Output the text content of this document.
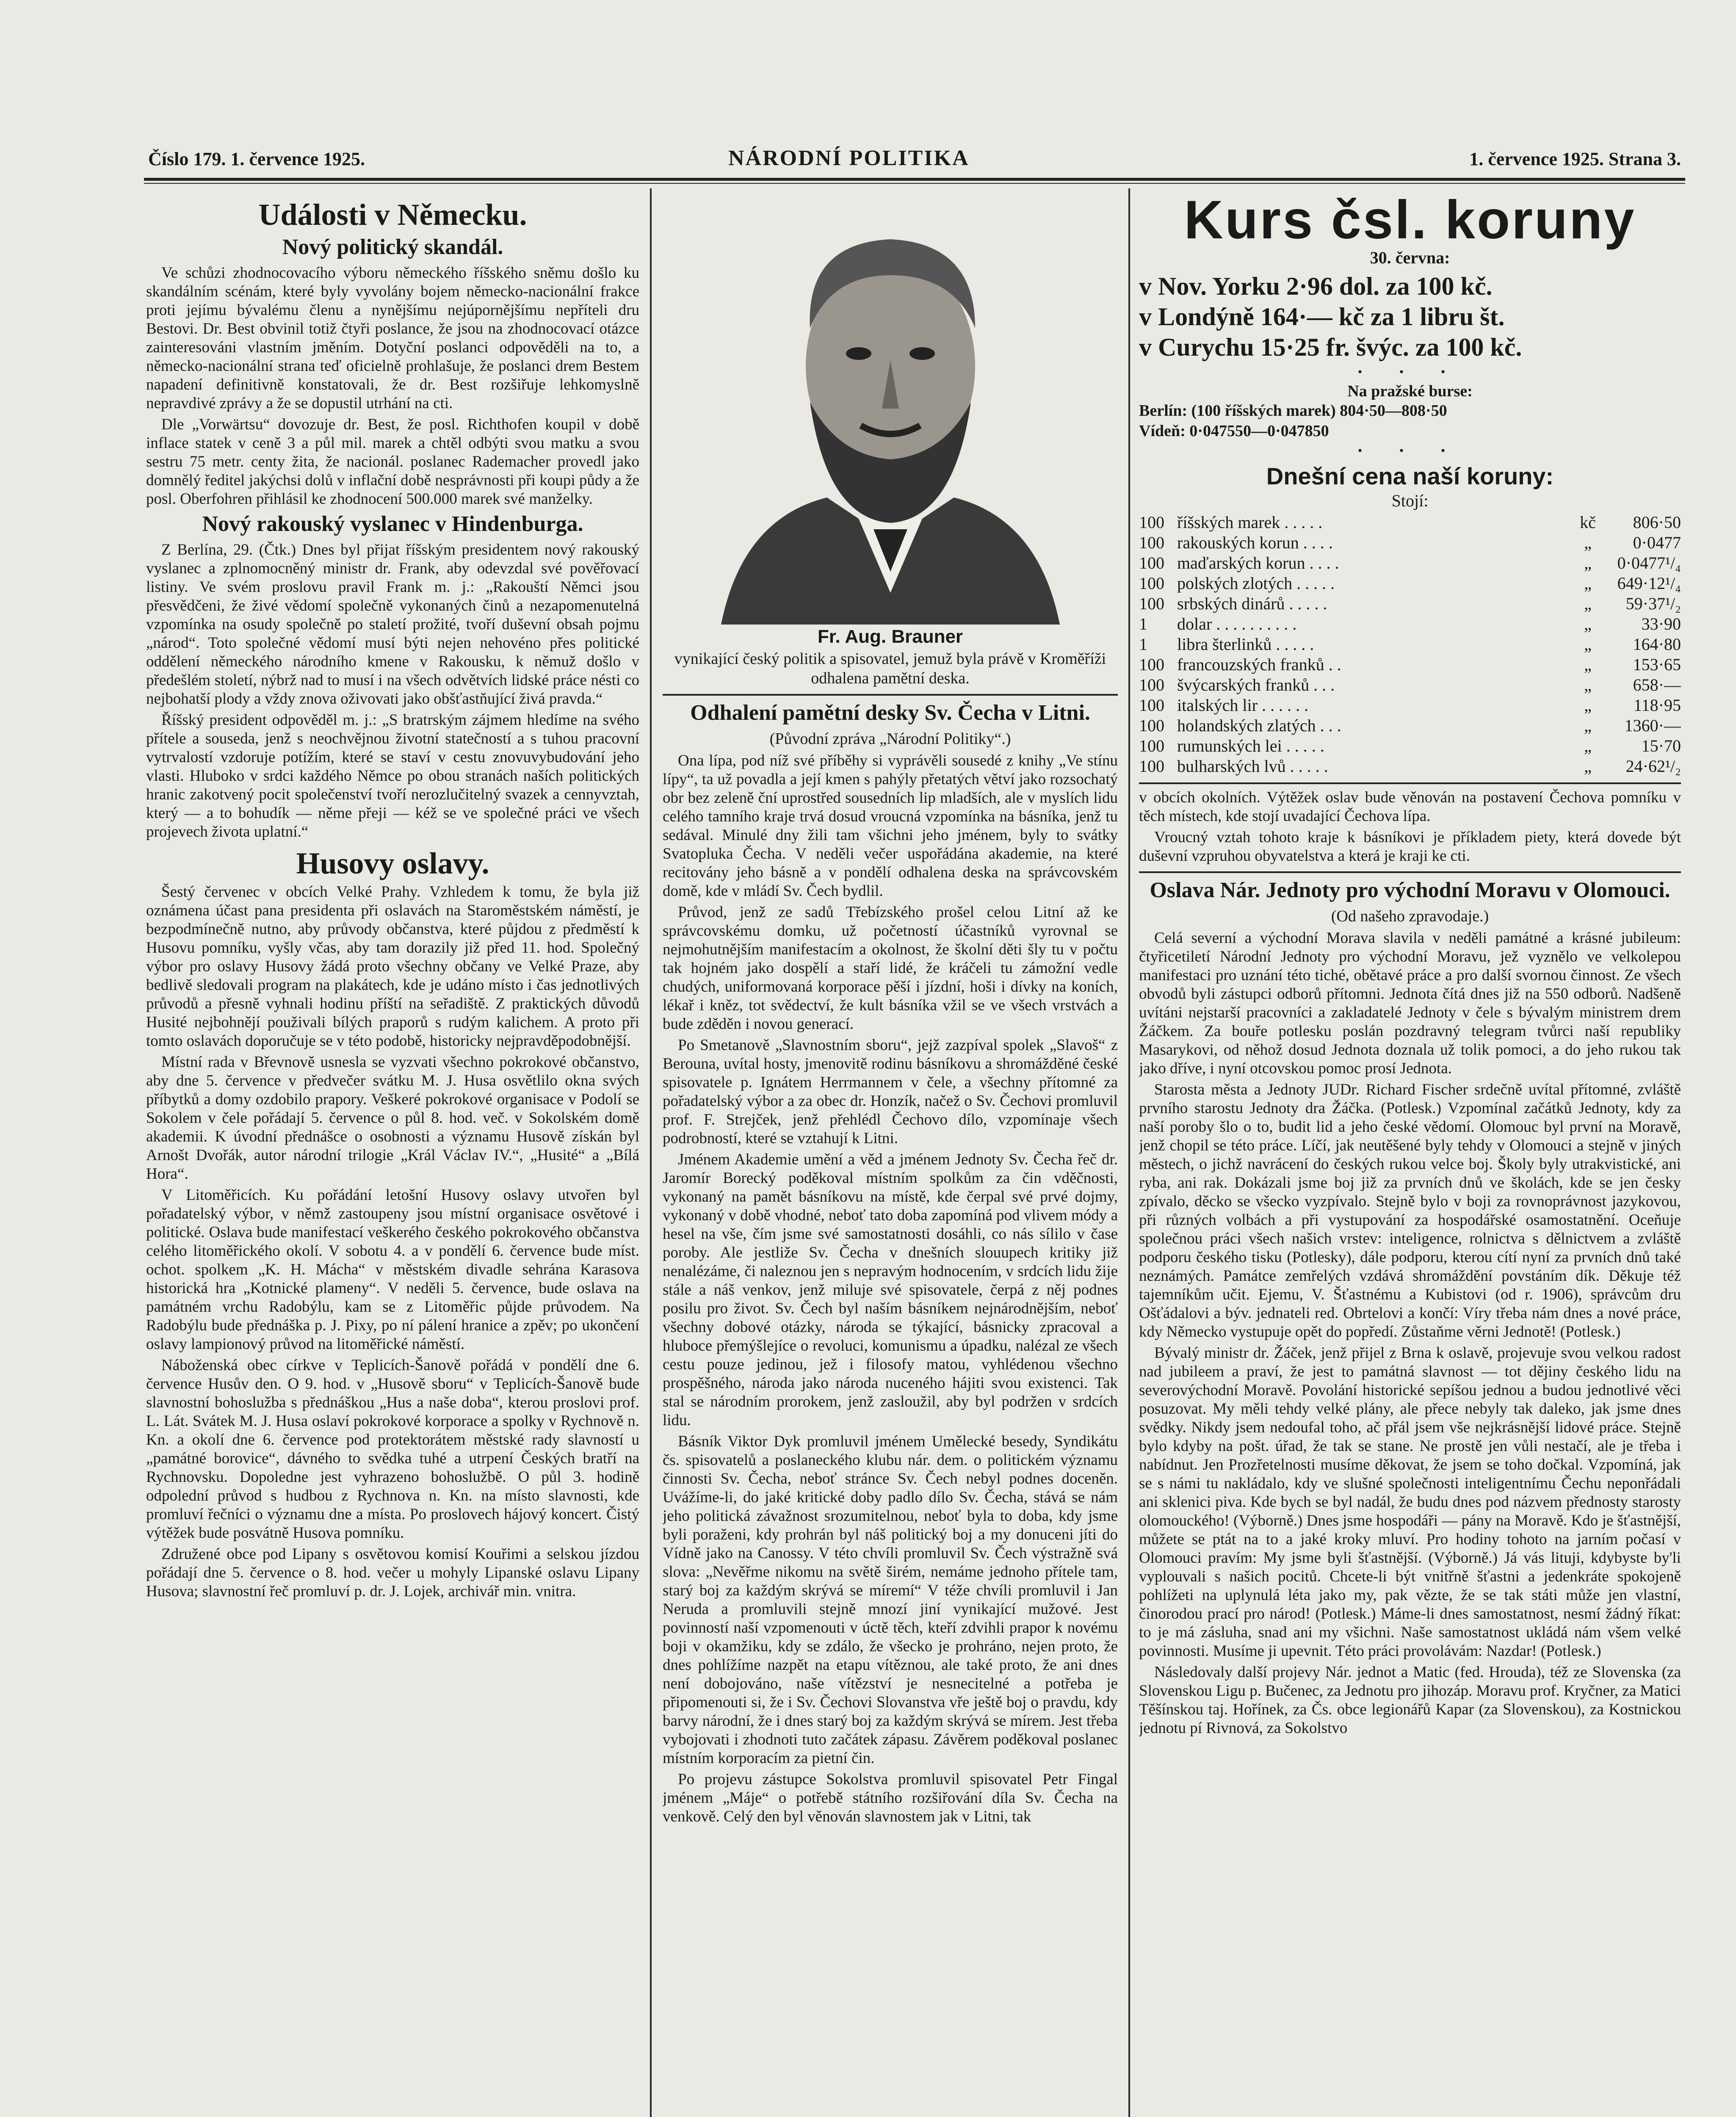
Číslo 179. 1. července 1925.	NÁRODNÍ POLITIKA	1. července 1925. Strana 3.
Události v Německu.
Nový politický skandál.

Ve schůzi zhodnocovacího výboru německého říšského sněmu došlo ku skandálním scénám, které byly vyvolány bojem německo-nacionální frakce proti jejímu bývalému členu a nynějšímu nejúpornějšímu nepříteli dru Bestovi. Dr. Best obvinil totiž čtyři poslance, že jsou na zhodnocovací otázce zainteresováni vlastním jměním. Dotyční poslanci odpověděli na to, a německo-nacionální strana teď oficielně prohlašuje, že poslanci drem Bestem napadení definitivně konstatovali, že dr. Best rozšiřuje lehkomyslně nepravdivé zprávy a že se dopustil utrhání na cti.

Dle „Vorwärtsu“ dovozuje dr. Best, že posl. Richthofen koupil v době inflace statek v ceně 3 a půl mil. marek a chtěl odbýti svou matku a svou sestru 75 metr. centy žita, že nacionál. poslanec Rademacher provedl jako domnělý ředitel jakýchsi dolů v inflační době nesprávnosti při koupi půdy a že posl. Oberfohren přihlásil ke zhodnocení 500.000 marek své manželky.

Nový rakouský vyslanec v Hindenburga.

Z Berlína, 29. (Čtk.) Dnes byl přijat říšským presidentem nový rakouský vyslanec a zplnomocněný ministr dr. Frank, aby odevzdal své pověřovací listiny. Ve svém proslovu pravil Frank m. j.: „Rakouští Němci jsou přesvědčeni, že živé vědomí společně vykonaných činů a nezapomenutelná vzpomínka na osudy společně po staletí prožité, tvoří duševní obsah pojmu „národ“. Toto společné vědomí musí býti nejen nehovéno přes politické oddělení německého národního kmene v Rakousku, k němuž došlo v předešlém století, nýbrž nad to musí i na všech odvětvích lidské práce nésti co nejbohatší plody a vždy znova oživovati jako obšťastňující živá pravda.“

Říšský president odpověděl m. j.: „S bratrským zájmem hledíme na svého přítele a souseda, jenž s neochvějnou životní statečností a s tuhou pracovní vytrvalostí vzdoruje potížím, které se staví v cestu znovuvybudování jeho vlasti. Hluboko v srdci každého Němce po obou stranách naších politických hranic zakotvený pocit společenství tvoří nerozlučitelný svazek a cennyvztah, který — a to bohudík — něme přeji — kéž se ve společné práci ve všech projevech života uplatní.“

Husovy oslavy.

Šestý červenec v obcích Velké Prahy. Vzhledem k tomu, že byla již oznámena účast pana presidenta při oslavách na Staroměstském náměstí, je bezpodmínečně nutno, aby průvody občanstva, které půjdou z předměstí k Husovu pomníku, vyšly včas, aby tam dorazily již před 11. hod. Společný výbor pro oslavy Husovy žádá proto všechny občany ve Velké Praze, aby bedlivě sledovali program na plakátech, kde je udáno místo i čas jednotlivých průvodů a přesně vyhnali hodinu příští na seřadiště. Z praktických důvodů Husité nejbohnějí použivali bílých praporů s rudým kalichem. A proto při tomto oslavách doporučuje se v této podobě, historicky nejpravděpodobnější.

Místní rada v Břevnově usnesla se vyzvati všechno pokrokové občanstvo, aby dne 5. července v předvečer svátku M. J. Husa osvětlilo okna svých příbytků a domy ozdobilo prapory. Veškeré pokrokové organisace v Podolí se Sokolem v čele pořádají 5. července o půl 8. hod. več. v Sokolském domě akademii. K úvodní přednášce o osobnosti a významu Husově získán byl Arnošt Dvořák, autor národní trilogie „Král Václav IV.“, „Husité“ a „Bílá Hora“.

V Litoměřicích. Ku pořádání letošní Husovy oslavy utvořen byl pořadatelský výbor, v němž zastoupeny jsou místní organisace osvětové i politické. Oslava bude manifestací veškerého českého pokrokového občanstva celého litoměřického okolí. V sobotu 4. a v pondělí 6. července bude míst. ochot. spolkem „K. H. Mácha“ v městském divadle sehrána Karasova historická hra „Kotnické plameny“. V neděli 5. července, bude oslava na památném vrchu Radobýlu, kam se z Litoměřic půjde průvodem. Na Radobýlu bude přednáška p. J. Pixy, po ní pálení hranice a zpěv; po ukončení oslavy lampionový průvod na litoměřické náměstí.

Náboženská obec církve v Teplicích-Šanově pořádá v pondělí dne 6. července Husův den. O 9. hod. v „Husově sboru“ v Teplicích-Šanově bude slavnostní bohoslužba s přednáškou „Hus a naše doba“, kterou proslovi prof. L. Lát. Svátek M. J. Husa oslaví pokrokové korporace a spolky v Rychnově n. Kn. a okolí dne 6. července pod protektorátem městské rady slavností u „památné borovice“, dávného to svědka tuhé a utrpení Českých bratří na Rychnovsku. Dopoledne jest vyhrazeno bohoslužbě. O půl 3. hodině odpolední průvod s hudbou z Rychnova n. Kn. na místo slavnosti, kde promluví řečníci o významu dne a místa. Po proslovech hájový koncert. Čistý výtěžek bude posvátně Husova pomníku.

Združené obce pod Lipany s osvětovou komisí Kouřimi a selskou jízdou pořádají dne 5. července o 8. hod. večer u mohyly Lipanské oslavu Lipany Husova; slavnostní řeč promluví p. dr. J. Lojek, archivář min. vnitra.

Fr. Aug. Brauner
vynikající český politik a spisovatel, jemuž byla právě v Kroměříži odhalena pamětní deska.
Odhalení pamětní desky Sv. Čecha v Litni.
(Původní zpráva „Národní Politiky“.)

Ona lípa, pod níž své příběhy si vyprávěli sousedé z knihy „Ve stínu lípy“, ta už povadla a její kmen s pahýly přetatých větví jako rozsochatý obr bez zeleně ční uprostřed sousedních lip mladších, ale v myslích lidu celého tamního kraje trvá dosud vroucná vzpomínka na básníka, jenž tu sedával. Minulé dny žili tam všichni jeho jménem, byly to svátky Svatopluka Čecha. V neděli večer uspořádána akademie, na které recitovány jeho básně a v pondělí odhalena deska na správcovském domě, kde v mládí Sv. Čech bydlil.

Průvod, jenž ze sadů Třebízského prošel celou Litní až ke správcovskému domku, už početností účastníků vyrovnal se nejmohutnějším manifestacím a okolnost, že školní děti šly tu v počtu tak hojném jako dospělí a staří lidé, že kráčeli tu zámožní vedle chudých, uniformovaná korporace pěší i jízdní, hoši i dívky na koních, lékař i kněz, tot svědectví, že kult básníka vžil se ve všech vrstvách a bude zděděn i novou generací.

Po Smetanově „Slavnostním sboru“, jejž zazpíval spolek „Slavoš“ z Berouna, uvítal hosty, jmenovitě rodinu básníkovu a shromážděné české spisovatele p. Ignátem Herrmannem v čele, a všechny přítomné za pořadatelský výbor a za obec dr. Honzík, načež o Sv. Čechovi promluvil prof. F. Strejček, jenž přehlédl Čechovo dílo, vzpomínaje všech podrobností, které se vztahují k Litni.

Jménem Akademie umění a věd a jménem Jednoty Sv. Čecha řeč dr. Jaromír Borecký poděkoval místním spolkům za čin vděčnosti, vykonaný na pamět básníkovu na místě, kde čerpal své prvé dojmy, vykonaný v době vhodné, neboť tato doba zapomíná pod vlivem módy a hesel na vše, čím jsme své samostatnosti dosáhli, co nás sílilo v čase poroby. Ale jestliže Sv. Čecha v dnešních slouupech kritiky již nenalézáme, či naleznou jen s nepravým hodnocením, v srdcích lidu žije stále a náš venkov, jenž miluje své spisovatele, čerpá z něj podnes posilu pro život. Sv. Čech byl naším básníkem nejnárodnějším, neboť všechny dobové otázky, národa se týkající, básnicky zpracoval a hluboce přemýšlejíce o revoluci, komunismu a úpadku, nalézal ze všech cestu pouze jedinou, jež i filosofy matou, vyhlédenou všechno prospěšného, národa jako národa nuceného hájiti svou existenci. Tak stal se národním prorokem, jenž zasloužil, aby byl podržen v srdcích lidu.

Básník Viktor Dyk promluvil jménem Umělecké besedy, Syndikátu čs. spisovatelů a poslaneckého klubu nár. dem. o politickém významu činnosti Sv. Čecha, neboť stránce Sv. Čech nebyl podnes doceněn. Uvážíme-li, do jaké kritické doby padlo dílo Sv. Čecha, stává se nám jeho politická závažnost srozumitelnou, neboť byla to doba, kdy jsme byli poraženi, kdy prohrán byl náš politický boj a my donuceni jíti do Vídně jako na Canossy. V této chvíli promluvil Sv. Čech výstražně svá slova: „Nevěřme nikomu na světě širém, nemáme jednoho přítele tam, starý boj za každým skrývá se míremí“ V téže chvíli promluvil i Jan Neruda a promluvili stejně mnozí jiní vynikající mužové. Jest povinností naší vzpomenouti v úctě těch, kteří zdvihli prapor k novému boji v okamžiku, kdy se zdálo, že všecko je prohráno, nejen proto, že dnes pohlížíme nazpět na etapu vítěznou, ale také proto, že ani dnes není dobojováno, naše vítězství je nesnecitelné a potřeba je připomenouti si, že i Sv. Čechovi Slovanstva vře ještě boj o pravdu, kdy barvy národní, že i dnes starý boj za každým skrývá se mírem. Jest třeba vybojovati i zhodnoti tuto začátek zápasu. Závěrem poděkoval poslanec místním korporacím za pietní čin.

Po projevu zástupce Sokolstva promluvil spisovatel Petr Fingal jménem „Máje“ o potřebě státního rozšiřování díla Sv. Čecha na venkově. Celý den byl věnován slavnostem jak v Litni, tak

Kurs čsl. koruny
30. června:
v Nov. Yorku 2·96 dol. za 100 kč.
v Londýně 164·— kč za 1 libru št.
v Curychu 15·25 fr. švýc. za 100 kč.
• • •
Na pražské burse:
Berlín: (100 říšských marek) 804·50—808·50
Vídeň: 0·047550—0·047850
• • •
Dnešní cena naší koruny:
Stojí:
100	říšských marek . . . . .	kč	806·50
100	rakouských korun . . . .	„	0·0477
100	maďarských korun . . . .	„	0·0477¹/₄
100	polských zlotých . . . . .	„	649·12¹/₄
100	srbských dinárů . . . . .	„	59·37¹/₂
1	dolar . . . . . . . . . .	„	33·90
1	libra šterlinků . . . . .	„	164·80
100	francouzských franků . .	„	153·65
100	švýcarských franků . . .	„	658·—
100	italských lir . . . . . .	„	118·95
100	holandských zlatých . . .	„	1360·—
100	rumunských lei . . . . .	„	15·70
100	bulharských lvů . . . . .	„	24·62¹/₂

v obcích okolních. Výtěžek oslav bude věnován na postavení Čechova pomníku v těch místech, kde stojí uvadající Čechova lípa.

Vroucný vztah tohoto kraje k básníkovi je příkladem piety, která dovede být duševní vzpruhou obyvatelstva a která je kraji ke cti.

Oslava Nár. Jednoty pro východní Moravu v Olomouci.
(Od našeho zpravodaje.)

Celá severní a východní Morava slavila v neděli památné a krásné jubileum: čtyřicetiletí Národní Jednoty pro východní Moravu, jež vyznělo ve velkolepou manifestaci pro uznání této tiché, obětavé práce a pro další svornou činnost. Ze všech obvodů byli zástupci odborů přítomni. Jednota čítá dnes již na 550 odborů. Nadšeně uvítáni nejstarší pracovníci a zakladatelé Jednoty v čele s bývalým ministrem drem Žáčkem. Za bouře potlesku poslán pozdravný telegram tvůrci naší republiky Masarykovi, od něhož dosud Jednota doznala už tolik pomoci, a do jeho rukou tak jako dříve, i nyní otcovskou pomoc prosí Jednota.

Starosta města a Jednoty JUDr. Richard Fischer srdečně uvítal přítomné, zvláště prvního starostu Jednoty dra Žáčka. (Potlesk.) Vzpomínal začátků Jednoty, kdy za naší poroby šlo o to, budit lid a jeho české vědomí. Olomouc byl první na Moravě, jenž chopil se této práce. Líčí, jak neutěšené byly tehdy v Olomouci a stejně v jiných městech, o jichž navrácení do českých rukou velce boj. Školy byly utrakvistické, ani ryba, ani rak. Dokázali jsme boj již za prvních dnů ve školách, kde se jen česky zpívalo, děcko se všecko vyzpívalo. Stejně bylo v boji za rovnoprávnost jazykovou, při různých volbách a při vystupování za hospodářské osamostatnění. Oceňuje společnou práci všech našich vrstev: inteligence, rolnictva s dělnictvem a zvláště podporu českého tisku (Potlesky), dále podporu, kterou cítí nyní za prvních dnů také neznámých. Památce zemřelých vzdává shromáždění povstáním dík. Děkuje též tajemníkům učit. Ejemu, V. Šťastnému a Kubistovi (od r. 1906), správcům dru Ošťádalovi a býv. jednateli red. Obrtelovi a končí: Víry třeba nám dnes a nové práce, kdy Německo vystupuje opět do popředí. Zůstaňme věrni Jednotě! (Potlesk.)

Bývalý ministr dr. Žáček, jenž přijel z Brna k oslavě, projevuje svou velkou radost nad jubileem a praví, že jest to památná slavnost — tot dějiny českého lidu na severovýchodní Moravě. Povolání historické sepíšou jednou a budou jednotlivé věci posuzovat. My měli tehdy velké plány, ale přece nebyly tak daleko, jak jsme dnes svědky. Nikdy jsem nedoufal toho, ač přál jsem vše nejkrásnější lidové práce. Stejně bylo kdyby na pošt. úřad, že tak se stane. Ne prostě jen vůli nestačí, ale je třeba i nabídnut. Jen Prozřetelnosti musíme děkovat, že jsem se toho dočkal. Vzpomíná, jak se s námi tu nakládalo, kdy ve slušné společnosti inteligentnímu Čechu neponřádali ani sklenici piva. Kde bych se byl nadál, že budu dnes pod názvem přednosty starosty olomouckého! (Výborně.) Dnes jsme hospodáři — pány na Moravě. Kdo je šťastnější, můžete se ptát na to a jaké kroky mluví. Pro hodiny tohoto na jarním počasí v Olomouci pravím: My jsme byli šťastnější. (Výborně.) Já vás lituji, kdybyste by'li vyplouvali s našich pocitů. Chcete-li být vnitřně šťastni a jedenkráte spokojeně pohlížeti na uplynulá léta jako my, pak vězte, že se tak státi může jen vlastní, činorodou prací pro národ! (Potlesk.) Máme-li dnes samostatnost, nesmí žádný říkat: to je má zásluha, snad ani my všichni. Naše samostatnost ukládá nám všem velké povinnosti. Musíme ji upevnit. Této práci provolávám: Nazdar! (Potlesk.)

Následovaly další projevy Nár. jednot a Matic (fed. Hrouda), též ze Slovenska (za Slovenskou Ligu p. Bučenec, za Jednotu pro jihozáp. Moravu prof. Kryčner, za Matici Těšínskou taj. Hořínek, za Čs. obce legionářů Kapar (za Slovenskou), za Kostnickou jednotu pí Rivnová, za Sokolstvo
